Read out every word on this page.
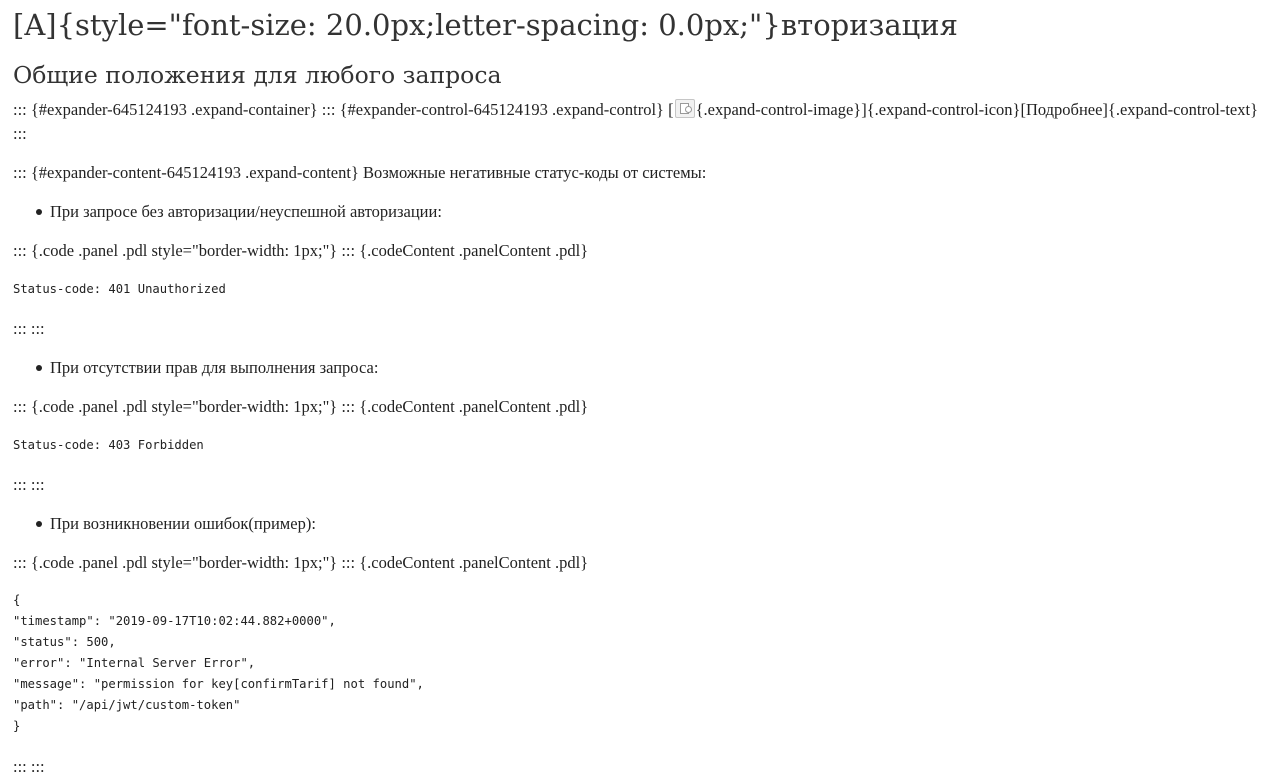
[A]{style="font-size: 20.0px;letter-spacing: 0.0px;"}вторизация
Общие положения для любого запроса

::: {#expander-645124193 .expand-container} ::: {#expander-control-645124193 .expand-control} [ {.expand-control-image}]{.expand-control-icon}[Подробнее]{.expand-control-text} :::

::: {#expander-content-645124193 .expand-content} Возможные негативные статус-коды от системы:

При запросе без авторизации/неуспешной авторизации:

::: {.code .panel .pdl style="border-width: 1px;"} ::: {.codeContent .panelContent .pdl}

Status-code: 401 Unauthorized

::: :::

При отсутствии прав для выполнения запроса:

::: {.code .panel .pdl style="border-width: 1px;"} ::: {.codeContent .panelContent .pdl}

Status-code: 403 Forbidden

::: :::

При возникновении ошибок(пример):

::: {.code .panel .pdl style="border-width: 1px;"} ::: {.codeContent .panelContent .pdl}

{
"timestamp": "2019-09-17T10:02:44.882+0000",
"status": 500,
"error": "Internal Server Error",
"message": "permission for key[confirmTarif] not found",
"path": "/api/jwt/custom-token"
}

::: :::
